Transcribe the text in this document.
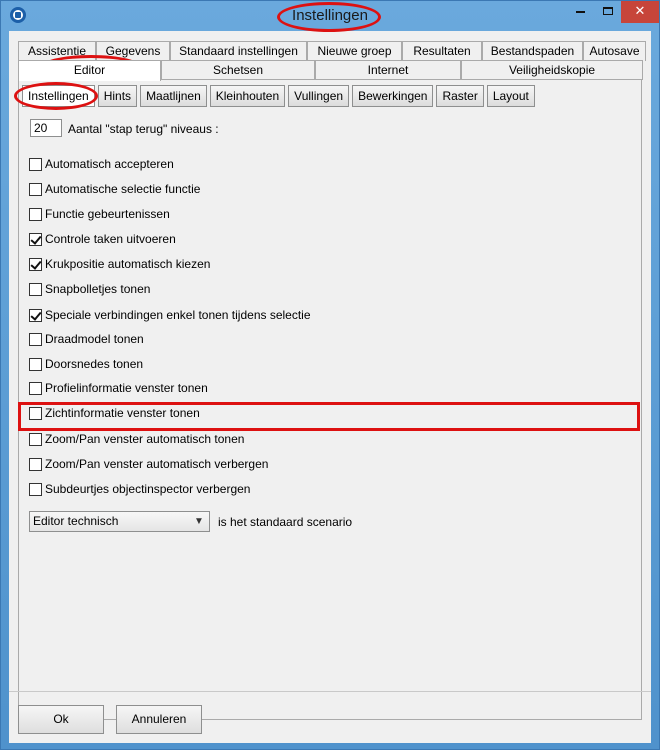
Instellingen	✕
Assistentie	Gegevens	Standaard instellingen	Nieuwe groep	Resultaten	Bestandspaden	Autosave
Editor	Schetsen	Internet	Veiligheidskopie
Instellingen	Hints	Maatlijnen	Kleinhouten	Vullingen	Bewerkingen	Raster	Layout
20	Aantal "stap terug" niveaus :
Automatisch accepteren
Automatische selectie functie
Functie gebeurtenissen
Controle taken uitvoeren
Krukpositie automatisch kiezen
Snapbolletjes tonen
Speciale verbindingen enkel tonen tijdens selectie
Draadmodel tonen
Doorsnedes tonen
Profielinformatie venster tonen
Zichtinformatie venster tonen
Zoom/Pan venster automatisch tonen
Zoom/Pan venster automatisch verbergen
Subdeurtjes objectinspector verbergen
Editor technisch	▼ is het standaard scenario
Ok	Annuleren
